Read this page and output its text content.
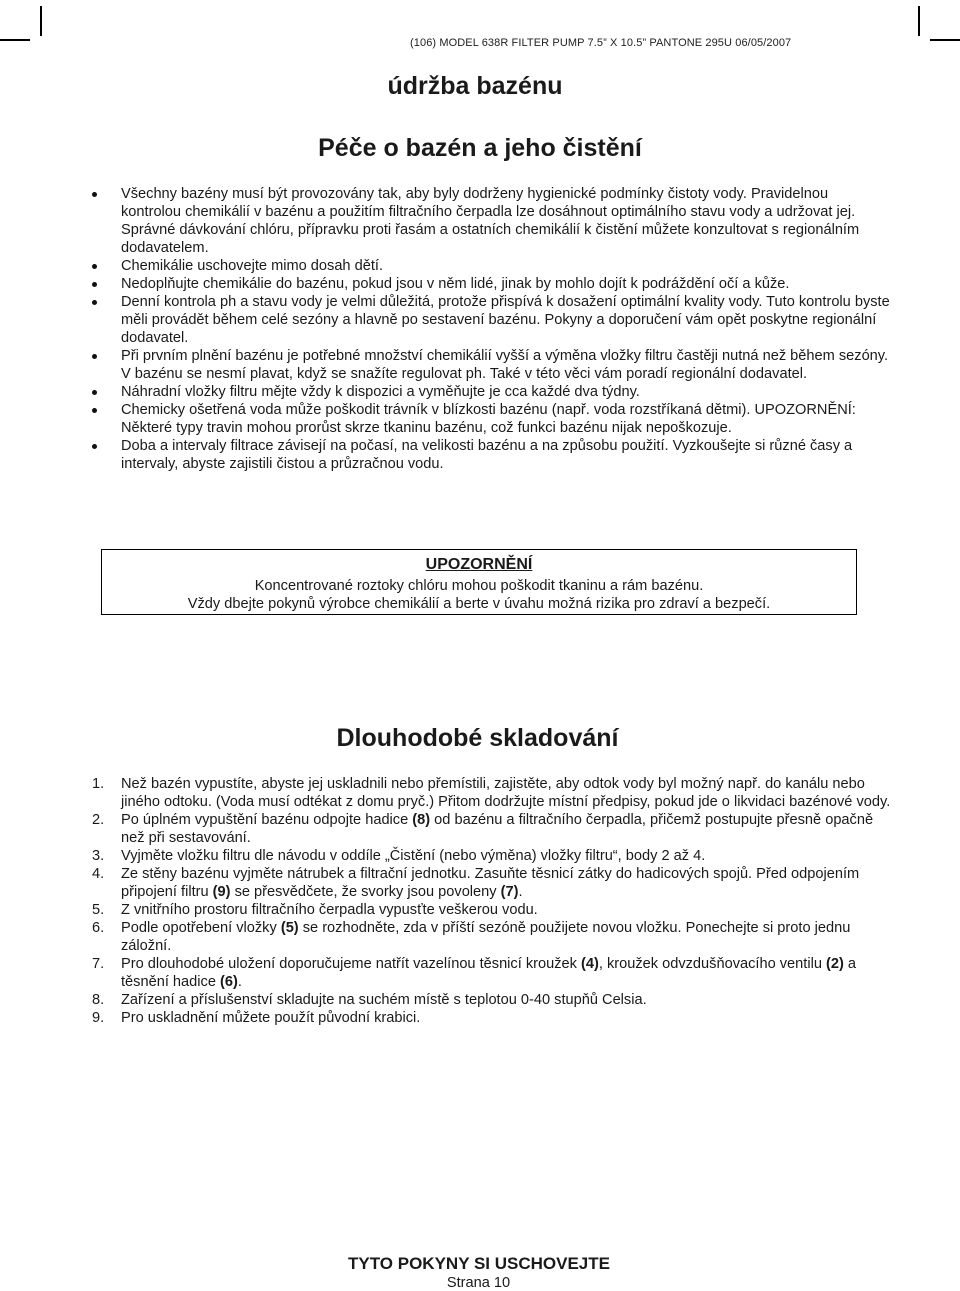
(106) MODEL 638R FILTER PUMP 7.5” X 10.5” PANTONE 295U 06/05/2007
údržba bazénu
Péče o bazén a jeho čistění
Všechny bazény musí být provozovány tak, aby byly dodrženy hygienické podmínky čistoty vody. Pravidelnou kontrolou chemikálií v bazénu a použitím filtračního čerpadla lze dosáhnout optimálního stavu vody a udržovat jej. Správné dávkování chlóru, přípravku proti řasám a ostatních chemikálií k čistění můžete konzultovat s regionálním dodavatelem.
Chemikálie uschovejte mimo dosah dětí.
Nedoplňujte chemikálie do bazénu, pokud jsou v něm lidé, jinak by mohlo dojít k podráždění očí a kůže.
Denní kontrola ph a stavu vody je velmi důležitá, protože přispívá k dosažení optimální kvality vody. Tuto kontrolu byste měli provádět během celé sezóny a hlavně po sestavení bazénu. Pokyny a doporučení vám opět poskytne regionální dodavatel.
Při prvním plnění bazénu je potřebné množství chemikálií vyšší a výměna vložky filtru častěji nutná než během sezóny. V bazénu se nesmí plavat, když se snažíte regulovat ph. Také v této věci vám poradí regionální dodavatel.
Náhradní vložky filtru mějte vždy k dispozici a vyměňujte je cca každé dva týdny.
Chemicky ošetřená voda může poškodit trávník v blízkosti bazénu (např. voda rozstříkaná dětmi). UPOZORNĚNÍ: Některé typy travin mohou prorůst skrze tkaninu bazénu, což funkci bazénu nijak nepoškozuje.
Doba a intervaly filtrace závisejí na počasí, na velikosti bazénu a na způsobu použití. Vyzkoušejte si různé časy a intervaly, abyste zajistili čistou a průzračnou vodu.
UPOZORNĚNÍ
Koncentrované roztoky chlóru mohou poškodit tkaninu a rám bazénu.
Vždy dbejte pokynů výrobce chemikálií a berte v úvahu možná rizika pro zdraví a bezpečí.
Dlouhodobé skladování
1. Než bazén vypustíte, abyste jej uskladnili nebo přemístili, zajistěte, aby odtok vody byl možný např. do kanálu nebo jiného odtoku. (Voda musí odtékat z domu pryč.) Přitom dodržujte místní předpisy, pokud jde o likvidaci bazénové vody.
2. Po úplném vypuštění bazénu odpojte hadice (8) od bazénu a filtračního čerpadla, přičemž postupujte přesně opačně než při sestavování.
3. Vyjměte vložku filtru dle návodu v oddíle „Čistění (nebo výměna) vložky filtru“, body 2 až 4.
4. Ze stěny bazénu vyjměte nátrubek a filtrační jednotku. Zasuňte těsnicí zátky do hadicových spojů. Před odpojením připojení filtru (9) se přesvědčete, že svorky jsou povoleny (7).
5. Z vnitřního prostoru filtračního čerpadla vypusťte veškerou vodu.
6. Podle opotřebení vložky (5) se rozhodněte, zda v příští sezóně použijete novou vložku. Ponechejte si proto jednu záložní.
7. Pro dlouhodobé uložení doporučujeme natřít vazelínou těsnicí kroužek (4), kroužek odvzdušňovacího ventilu (2) a těsnění hadice (6).
8. Zařízení a příslušenství skladujte na suchém místě s teplotou 0-40 stupňů Celsia.
9. Pro uskladnění můžete použít původní krabici.
TYTO POKYNY SI USCHOVEJTE
Strana 10
